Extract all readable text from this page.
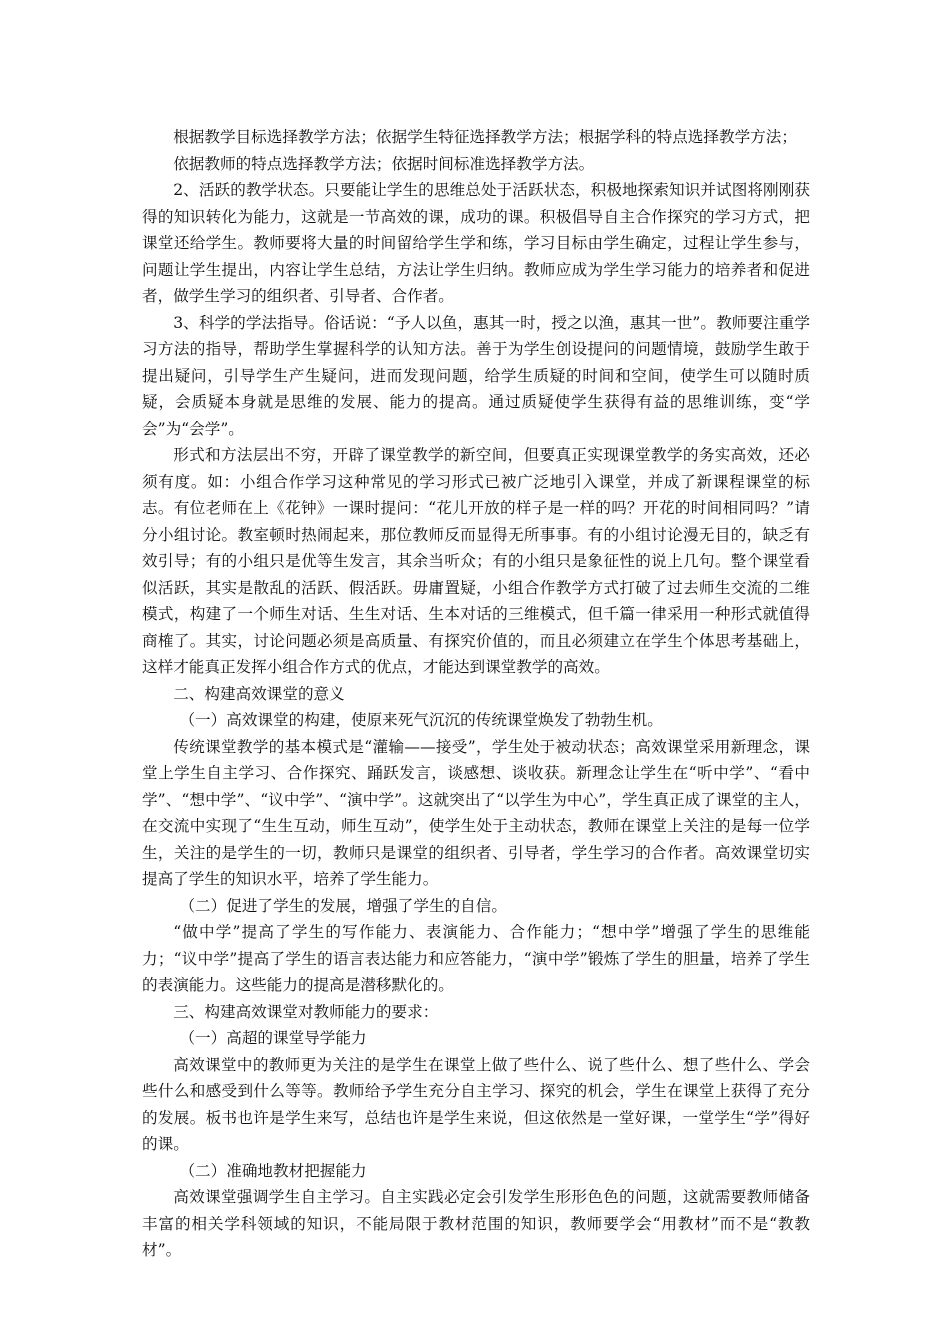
根据教学目标选择教学方法；依据学生特征选择教学方法；根据学科的特点选择教学方法；

依据教师的特点选择教学方法；依据时间标准选择教学方法。

2、活跃的教学状态。只要能让学生的思维总处于活跃状态，积极地探索知识并试图将刚刚获得的知识转化为能力，这就是一节高效的课，成功的课。积极倡导自主合作探究的学习方式，把课堂还给学生。教师要将大量的时间留给学生学和练，学习目标由学生确定，过程让学生参与，问题让学生提出，内容让学生总结，方法让学生归纳。教师应成为学生学习能力的培养者和促进者，做学生学习的组织者、引导者、合作者。

3、科学的学法指导。俗话说：“予人以鱼，惠其一时，授之以渔，惠其一世”。教师要注重学习方法的指导，帮助学生掌握科学的认知方法。善于为学生创设提问的问题情境，鼓励学生敢于提出疑问，引导学生产生疑问，进而发现问题，给学生质疑的时间和空间，使学生可以随时质疑，会质疑本身就是思维的发展、能力的提高。通过质疑使学生获得有益的思维训练，变“学会”为“会学”。

形式和方法层出不穷，开辟了课堂教学的新空间，但要真正实现课堂教学的务实高效，还必须有度。如：小组合作学习这种常见的学习形式已被广泛地引入课堂，并成了新课程课堂的标志。有位老师在上《花钟》一课时提问：“花儿开放的样子是一样的吗？开花的时间相同吗？”请分小组讨论。教室顿时热闹起来，那位教师反而显得无所事事。有的小组讨论漫无目的，缺乏有效引导；有的小组只是优等生发言，其余当听众；有的小组只是象征性的说上几句。整个课堂看似活跃，其实是散乱的活跃、假活跃。毋庸置疑，小组合作教学方式打破了过去师生交流的二维模式，构建了一个师生对话、生生对话、生本对话的三维模式，但千篇一律采用一种形式就值得商榷了。其实，讨论问题必须是高质量、有探究价值的，而且必须建立在学生个体思考基础上，这样才能真正发挥小组合作方式的优点，才能达到课堂教学的高效。

二、构建高效课堂的意义

（一）高效课堂的构建，使原来死气沉沉的传统课堂焕发了勃勃生机。

传统课堂教学的基本模式是“灌输——接受”，学生处于被动状态；高效课堂采用新理念，课堂上学生自主学习、合作探究、踊跃发言，谈感想、谈收获。新理念让学生在“听中学”、“看中学”、“想中学”、“议中学”、“演中学”。这就突出了“以学生为中心”，学生真正成了课堂的主人，在交流中实现了“生生互动，师生互动”，使学生处于主动状态，教师在课堂上关注的是每一位学生，关注的是学生的一切，教师只是课堂的组织者、引导者，学生学习的合作者。高效课堂切实提高了学生的知识水平，培养了学生能力。

（二）促进了学生的发展，增强了学生的自信。

“做中学”提高了学生的写作能力、表演能力、合作能力；“想中学”增强了学生的思维能力；“议中学”提高了学生的语言表达能力和应答能力，“演中学”锻炼了学生的胆量，培养了学生的表演能力。这些能力的提高是潜移默化的。

三、构建高效课堂对教师能力的要求：

（一）高超的课堂导学能力

高效课堂中的教师更为关注的是学生在课堂上做了些什么、说了些什么、想了些什么、学会些什么和感受到什么等等。教师给予学生充分自主学习、探究的机会，学生在课堂上获得了充分的发展。板书也许是学生来写，总结也许是学生来说，但这依然是一堂好课，一堂学生“学”得好的课。

（二）准确地教材把握能力

高效课堂强调学生自主学习。自主实践必定会引发学生形形色色的问题，这就需要教师储备丰富的相关学科领域的知识，不能局限于教材范围的知识，教师要学会“用教材”而不是“教教材”。
